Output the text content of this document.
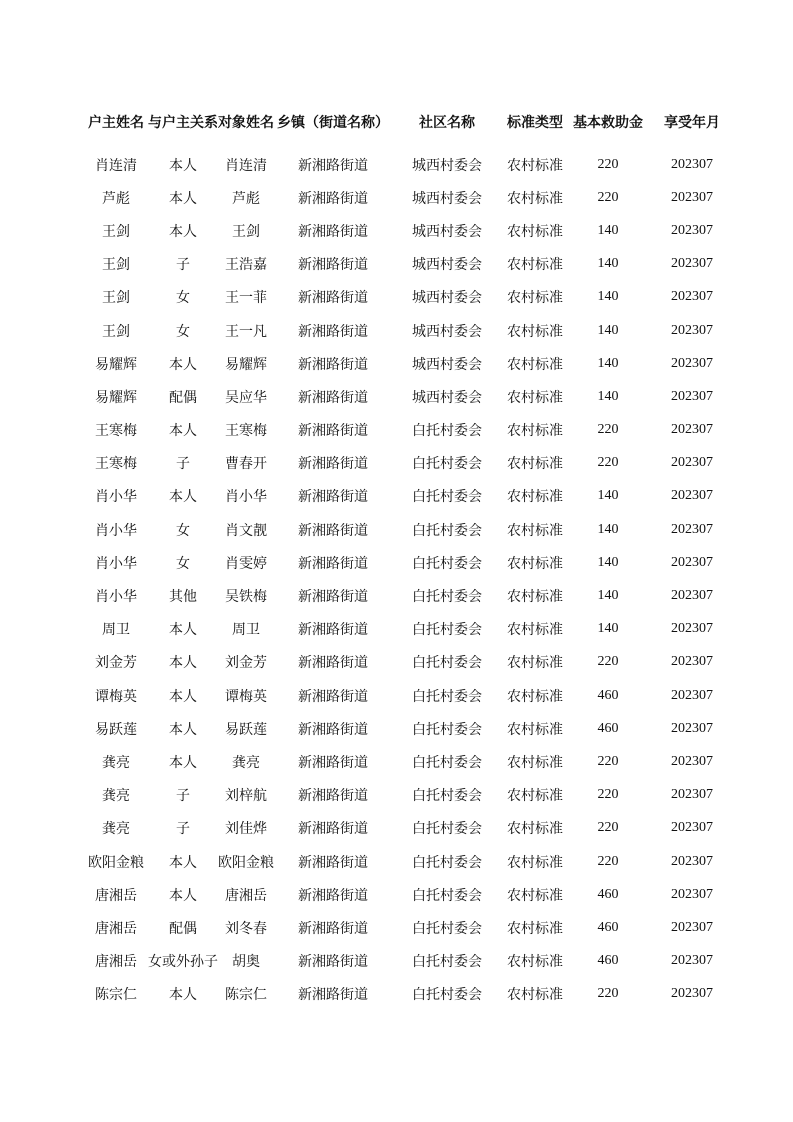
户主姓名	与户主关系	对象姓名	乡镇（街道名称）	社区名称	标准类型	基本救助金	享受年月
肖连清	本人	肖连清	新湘路街道	城西村委会	农村标准	220	202307
芦彪	本人	芦彪	新湘路街道	城西村委会	农村标准	220	202307
王剑	本人	王剑	新湘路街道	城西村委会	农村标准	140	202307
王剑	子	王浩嘉	新湘路街道	城西村委会	农村标准	140	202307
王剑	女	王一菲	新湘路街道	城西村委会	农村标准	140	202307
王剑	女	王一凡	新湘路街道	城西村委会	农村标准	140	202307
易耀辉	本人	易耀辉	新湘路街道	城西村委会	农村标准	140	202307
易耀辉	配偶	吴应华	新湘路街道	城西村委会	农村标准	140	202307
王寒梅	本人	王寒梅	新湘路街道	白托村委会	农村标准	220	202307
王寒梅	子	曹春开	新湘路街道	白托村委会	农村标准	220	202307
肖小华	本人	肖小华	新湘路街道	白托村委会	农村标准	140	202307
肖小华	女	肖文靓	新湘路街道	白托村委会	农村标准	140	202307
肖小华	女	肖雯婷	新湘路街道	白托村委会	农村标准	140	202307
肖小华	其他	吴铁梅	新湘路街道	白托村委会	农村标准	140	202307
周卫	本人	周卫	新湘路街道	白托村委会	农村标准	140	202307
刘金芳	本人	刘金芳	新湘路街道	白托村委会	农村标准	220	202307
谭梅英	本人	谭梅英	新湘路街道	白托村委会	农村标准	460	202307
易跃莲	本人	易跃莲	新湘路街道	白托村委会	农村标准	460	202307
龚亮	本人	龚亮	新湘路街道	白托村委会	农村标准	220	202307
龚亮	子	刘梓航	新湘路街道	白托村委会	农村标准	220	202307
龚亮	子	刘佳烨	新湘路街道	白托村委会	农村标准	220	202307
欧阳金粮	本人	欧阳金粮	新湘路街道	白托村委会	农村标准	220	202307
唐湘岳	本人	唐湘岳	新湘路街道	白托村委会	农村标准	460	202307
唐湘岳	配偶	刘冬春	新湘路街道	白托村委会	农村标准	460	202307
唐湘岳	女或外孙子	胡奥	新湘路街道	白托村委会	农村标准	460	202307
陈宗仁	本人	陈宗仁	新湘路街道	白托村委会	农村标准	220	202307
